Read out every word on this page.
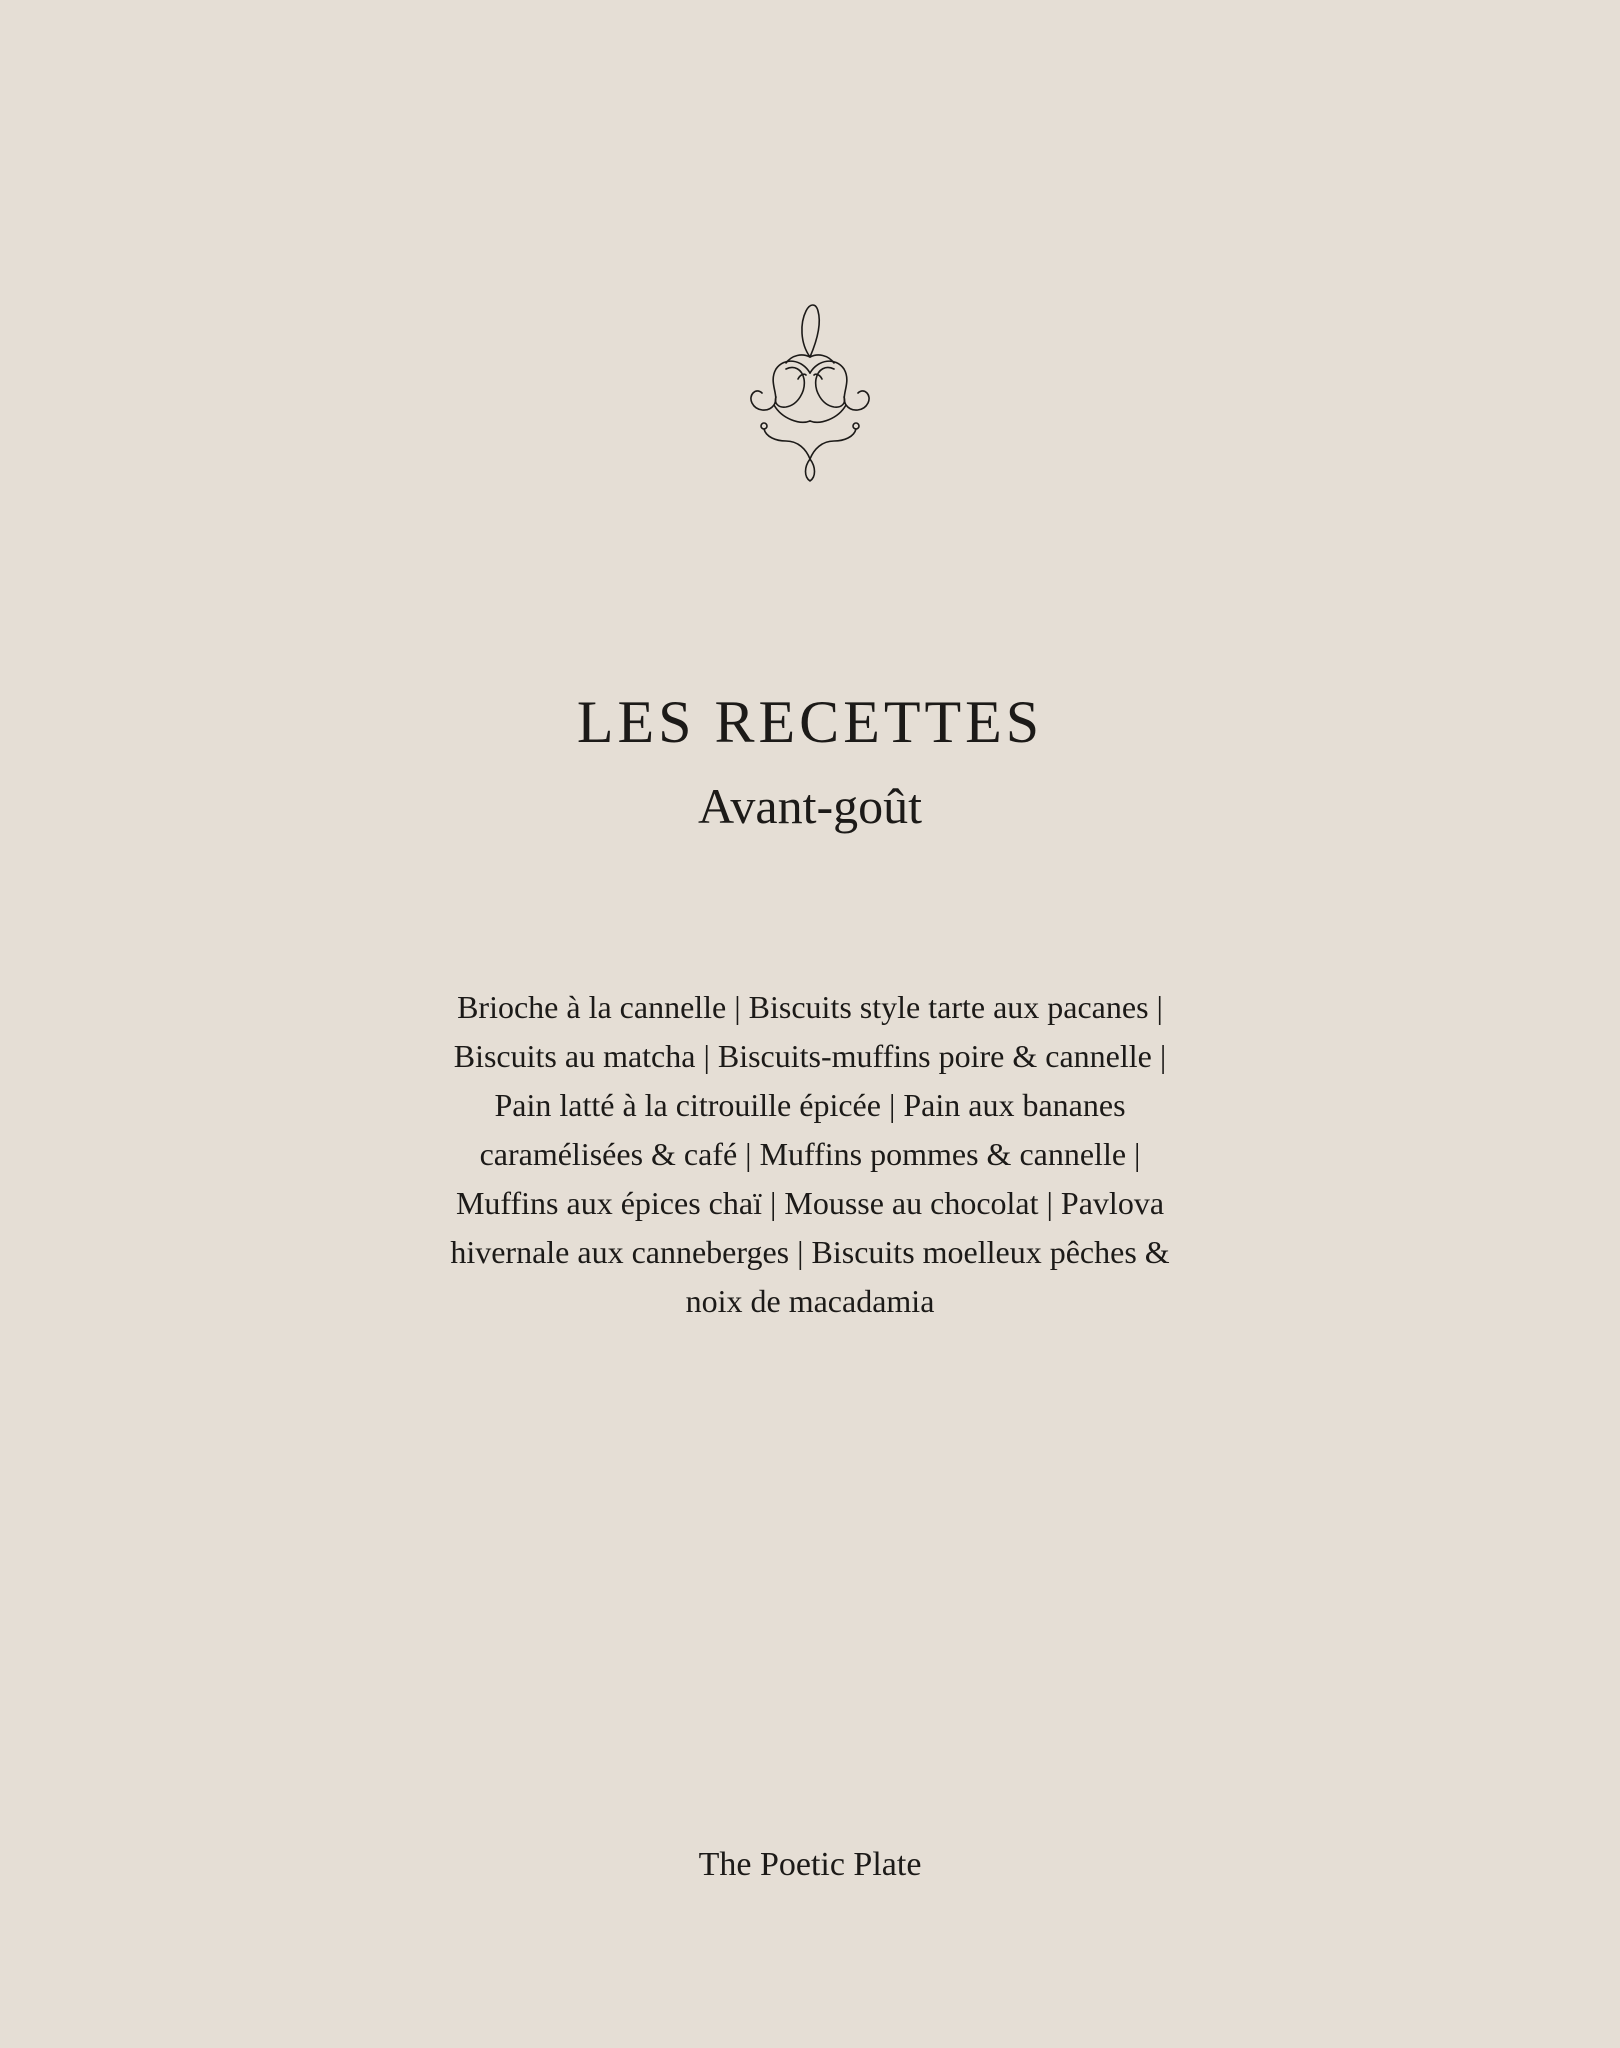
LES RECETTES
Avant-goût
Brioche à la cannelle | Biscuits style tarte aux pacanes | Biscuits au matcha | Biscuits-muffins poire & cannelle | Pain latté à la citrouille épicée | Pain aux bananes caramélisées & café | Muffins pommes & cannelle | Muffins aux épices chaï | Mousse au chocolat | Pavlova hivernale aux canneberges | Biscuits moelleux pêches & noix de macadamia
The Poetic Plate
